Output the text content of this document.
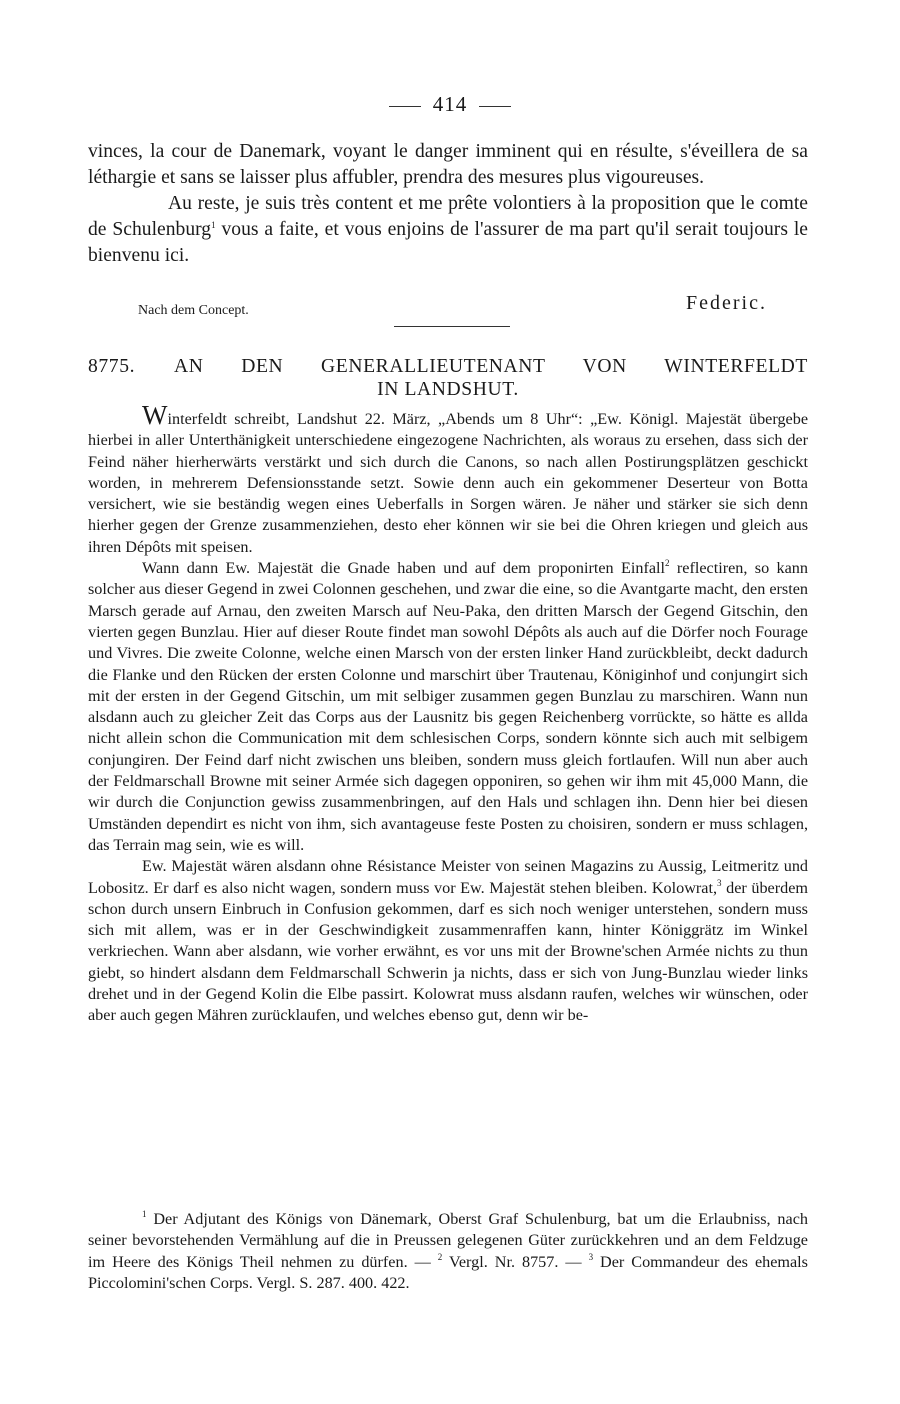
414

vinces, la cour de Danemark, voyant le danger imminent qui en résulte, s'éveillera de sa léthargie et sans se laisser plus affubler, prendra des mesures plus vigoureuses.

Au reste, je suis très content et me prête volontiers à la proposition que le comte de Schulenburg$^1$ vous a faite, et vous enjoins de l'assurer de ma part qu'il serait toujours le bienvenu ici.

Nach dem Concept.	Federic.
8775. AN DEN GENERALLIEUTENANT VON WINTERFELDT
IN LANDSHUT.

Winterfeldt schreibt, Landshut 22. März, „Abends um 8 Uhr“: „Ew. Königl. Majestät übergebe hierbei in aller Unterthänigkeit unterschiedene eingezogene Nachrichten, als woraus zu ersehen, dass sich der Feind näher hierherwärts verstärkt und sich durch die Canons, so nach allen Postirungsplätzen geschickt worden, in mehrerem Defensionsstande setzt. Sowie denn auch ein gekommener Deserteur von Botta versichert, wie sie beständig wegen eines Ueberfalls in Sorgen wären. Je näher und stärker sie sich denn hierher gegen der Grenze zusammenziehen, desto eher können wir sie bei die Ohren kriegen und gleich aus ihren Dépôts mit speisen.

Wann dann Ew. Majestät die Gnade haben und auf dem proponirten Einfall$^2$ reflectiren, so kann solcher aus dieser Gegend in zwei Colonnen geschehen, und zwar die eine, so die Avantgarte macht, den ersten Marsch gerade auf Arnau, den zweiten Marsch auf Neu-Paka, den dritten Marsch der Gegend Gitschin, den vierten gegen Bunzlau. Hier auf dieser Route findet man sowohl Dépôts als auch auf die Dörfer noch Fourage und Vivres. Die zweite Colonne, welche einen Marsch von der ersten linker Hand zurückbleibt, deckt dadurch die Flanke und den Rücken der ersten Colonne und marschirt über Trautenau, Königinhof und conjungirt sich mit der ersten in der Gegend Gitschin, um mit selbiger zusammen gegen Bunzlau zu marschiren. Wann nun alsdann auch zu gleicher Zeit das Corps aus der Lausnitz bis gegen Reichenberg vorrückte, so hätte es allda nicht allein schon die Communication mit dem schlesischen Corps, sondern könnte sich auch mit selbigem conjungiren. Der Feind darf nicht zwischen uns bleiben, sondern muss gleich fortlaufen. Will nun aber auch der Feldmarschall Browne mit seiner Armée sich dagegen opponiren, so gehen wir ihm mit 45,000 Mann, die wir durch die Conjunction gewiss zusammenbringen, auf den Hals und schlagen ihn. Denn hier bei diesen Umständen dependirt es nicht von ihm, sich avantageuse feste Posten zu choisiren, sondern er muss schlagen, das Terrain mag sein, wie es will.

Ew. Majestät wären alsdann ohne Résistance Meister von seinen Magazins zu Aussig, Leitmeritz und Lobositz. Er darf es also nicht wagen, sondern muss vor Ew. Majestät stehen bleiben. Kolowrat,$^3$ der überdem schon durch unsern Einbruch in Confusion gekommen, darf es sich noch weniger unterstehen, sondern muss sich mit allem, was er in der Geschwindigkeit zusammenraffen kann, hinter Königgrätz im Winkel verkriechen. Wann aber alsdann, wie vorher erwähnt, es vor uns mit der Browne'schen Armée nichts zu thun giebt, so hindert alsdann dem Feldmarschall Schwerin ja nichts, dass er sich von Jung-Bunzlau wieder links drehet und in der Gegend Kolin die Elbe passirt. Kolowrat muss alsdann raufen, welches wir wünschen, oder aber auch gegen Mähren zurücklaufen, und welches ebenso gut, denn wir be-

$^1$ Der Adjutant des Königs von Dänemark, Oberst Graf Schulenburg, bat um die Erlaubniss, nach seiner bevorstehenden Vermählung auf die in Preussen gelegenen Güter zurückkehren und an dem Feldzuge im Heere des Königs Theil nehmen zu dürfen. — $^2$ Vergl. Nr. 8757. — $^3$ Der Commandeur des ehemals Piccolomini'schen Corps. Vergl. S. 287. 400. 422.
